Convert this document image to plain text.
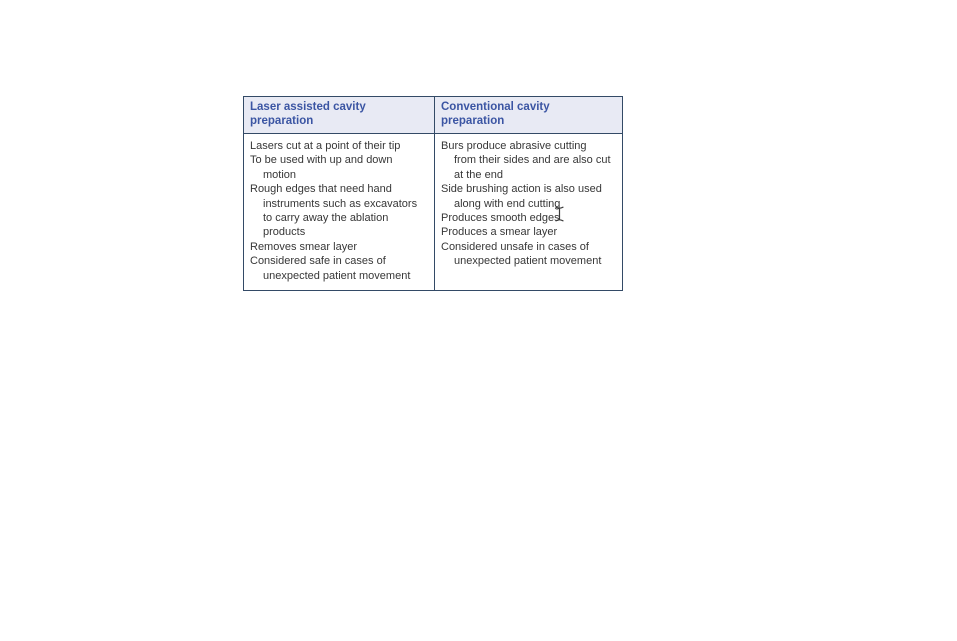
Laser assisted cavity preparation
Conventional cavity preparation
Lasers cut at a point of their tip
To be used with up and down
motion
Rough edges that need hand
instruments such as excavators
to carry away the ablation
products
Removes smear layer
Considered safe in cases of
unexpected patient movement
Burs produce abrasive cutting
from their sides and are also cut
at the end
Side brushing action is also used
along with end cutting
Produces smooth edges
Produces a smear layer
Considered unsafe in cases of
unexpected patient movement
